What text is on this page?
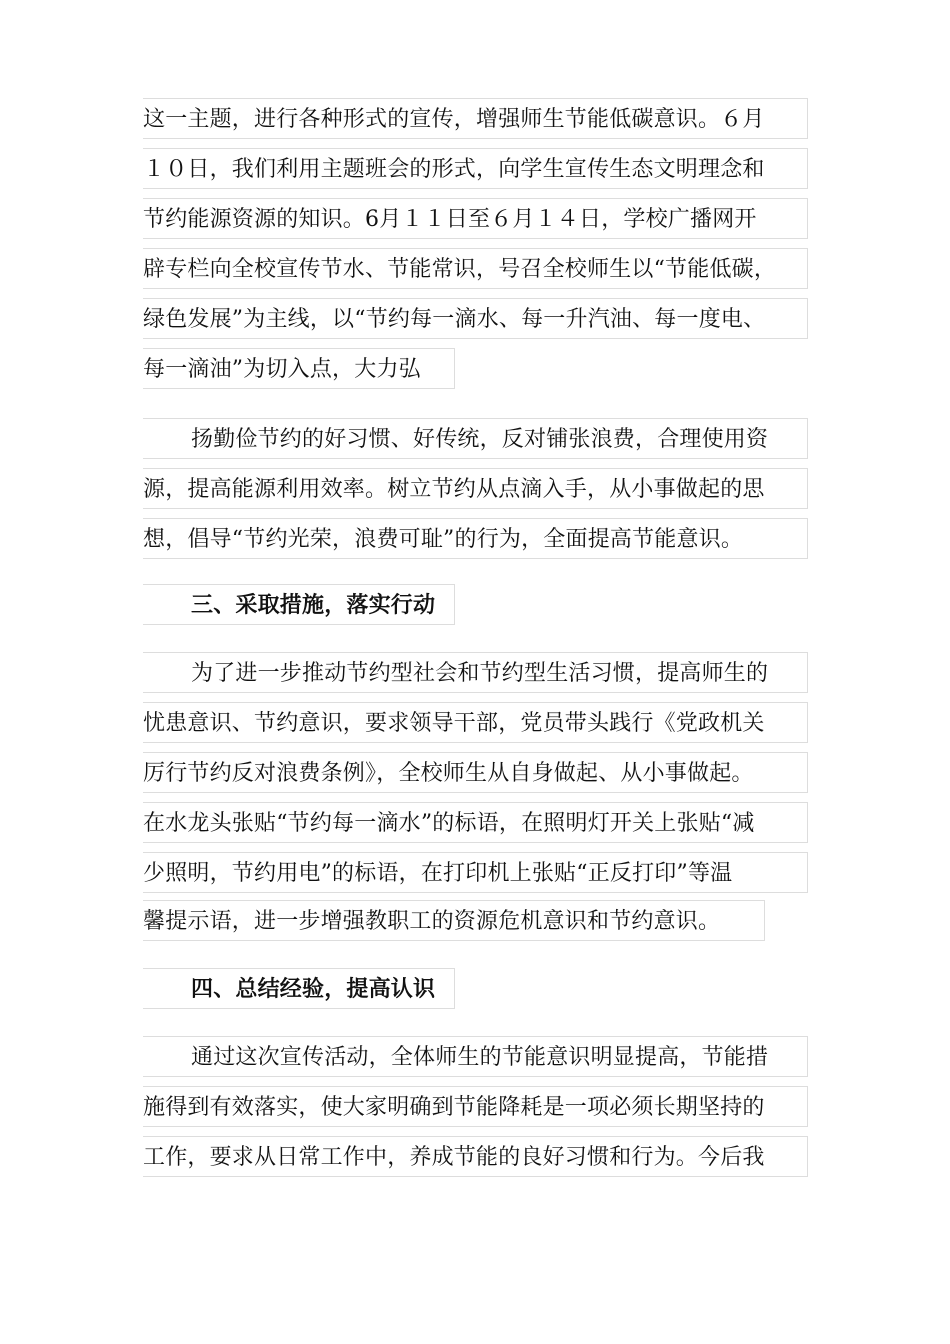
这一主题，进行各种形式的宣传，增强师生节能低碳意识。６月
１０日，我们利用主题班会的形式，向学生宣传生态文明理念和
节约能源资源的知识。6月１１日至６月１４日，学校广播网开
辟专栏向全校宣传节水、节能常识，号召全校师生以“节能低碳，
绿色发展”为主线，以“节约每一滴水、每一升汽油、每一度电、
每一滴油”为切入点，大力弘
扬勤俭节约的好习惯、好传统，反对铺张浪费，合理使用资
源，提高能源利用效率。树立节约从点滴入手，从小事做起的思
想，倡导“节约光荣，浪费可耻”的行为，全面提高节能意识。
三、采取措施，落实行动
为了进一步推动节约型社会和节约型生活习惯，提高师生的
忧患意识、节约意识，要求领导干部，党员带头践行《党政机关
厉行节约反对浪费条例》，全校师生从自身做起、从小事做起。
在水龙头张贴“节约每一滴水”的标语，在照明灯开关上张贴“减
少照明，节约用电”的标语，在打印机上张贴“正反打印”等温
馨提示语，进一步增强教职工的资源危机意识和节约意识。
四、总结经验，提高认识
通过这次宣传活动，全体师生的节能意识明显提高，节能措
施得到有效落实，使大家明确到节能降耗是一项必须长期坚持的
工作，要求从日常工作中，养成节能的良好习惯和行为。今后我
